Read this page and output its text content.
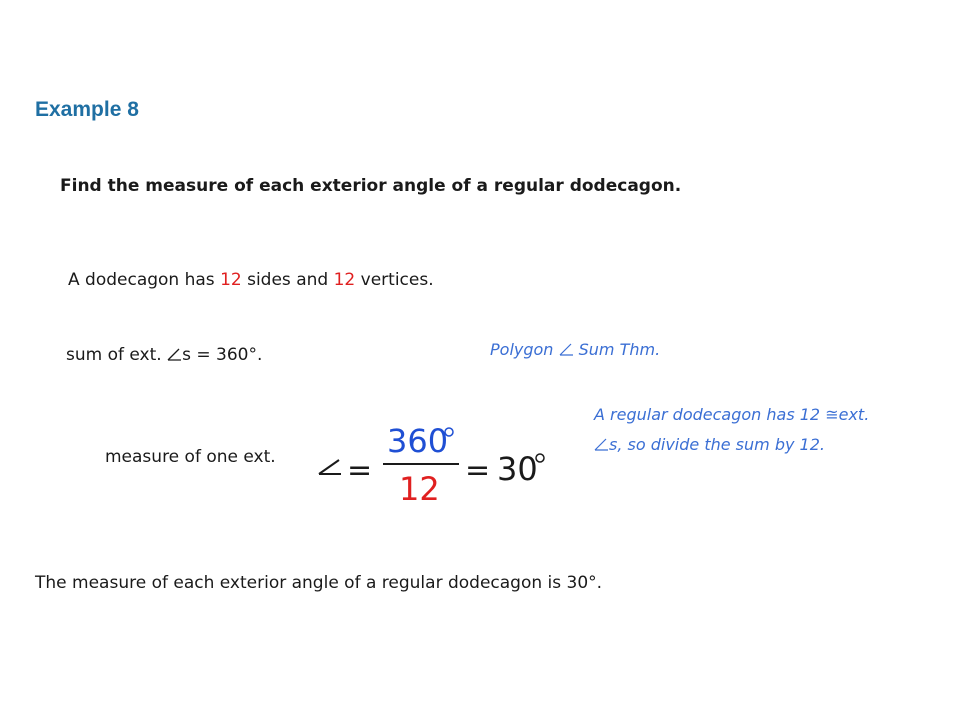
Example 8
Find the measure of each exterior angle of a regular dodecagon.
A dodecagon has 12 sides and 12 vertices.
sum of ext. s = 360°.	Polygon  Sum Thm.
A regular dodecagon has 12 ≅ext.
s, so divide the sum by 12.
measure of one ext. =
360
12 = 30
The measure of each exterior angle of a regular dodecagon is 30°.
